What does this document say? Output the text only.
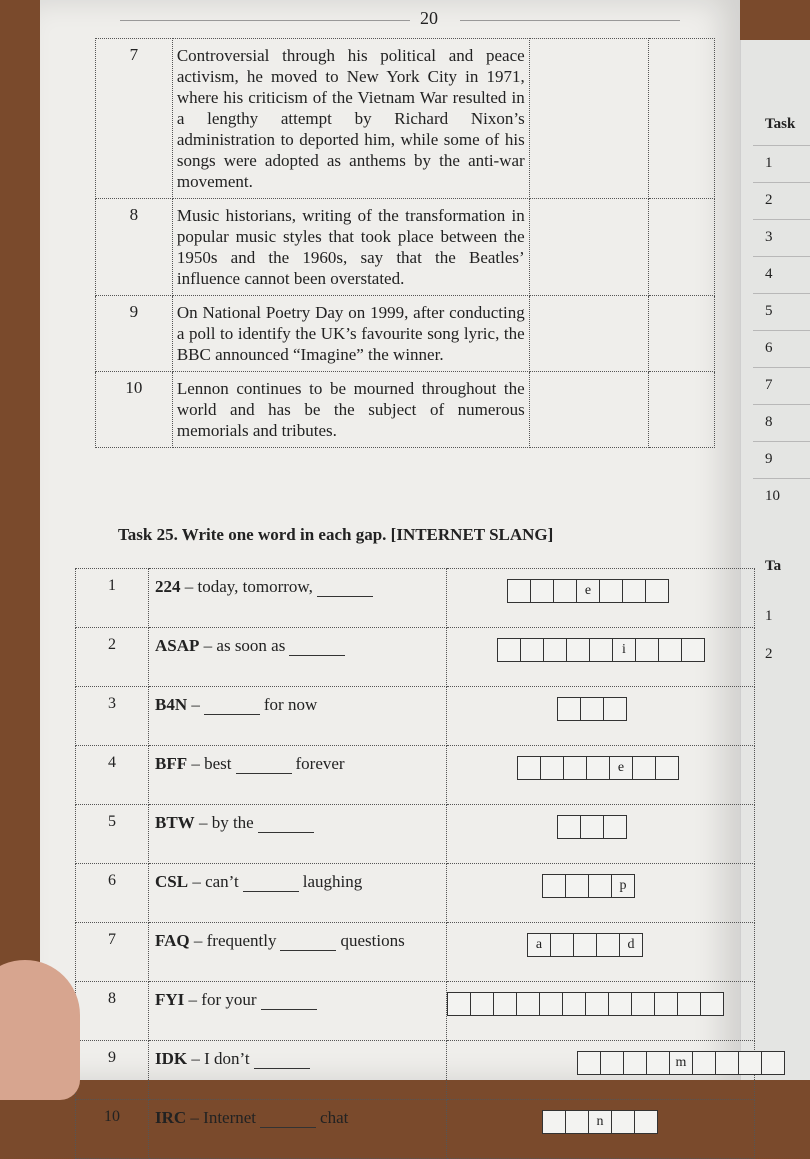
Task
1
2
3
4
5
6
7
8
9
10
Ta
1
2
20
7	Controversial through his political and peace activism, he moved to New York City in 1971, where his criticism of the Vietnam War resulted in a lengthy attempt by Richard Nixon’s administration to deported him, while some of his songs were adopted as anthems by the anti-war movement.		
8	Music historians, writing of the transformation in popular music styles that took place between the 1950s and the 1960s, say that the Beatles’ influence cannot been overstated.		
9	On National Poetry Day on 1999, after conducting a poll to identify the UK’s favourite song lyric, the BBC announced “Imagine” the winner.		
10	Lennon continues to be mourned throughout the world and has be the subject of numerous memorials and tributes.		
Task 25. Write one word in each gap. [INTERNET SLANG]
1	224 – today, tomorrow,	e

2	ASAP – as soon as	i

3	B4N – for now	

4	BFF – best forever	e

5	BTW – by the	

6	CSL – can’t laughing	p

7	FAQ – frequently questions	a d

8	FYI – for your	

9	IDK – I don’t	m

10	IRC – Internet chat	n
